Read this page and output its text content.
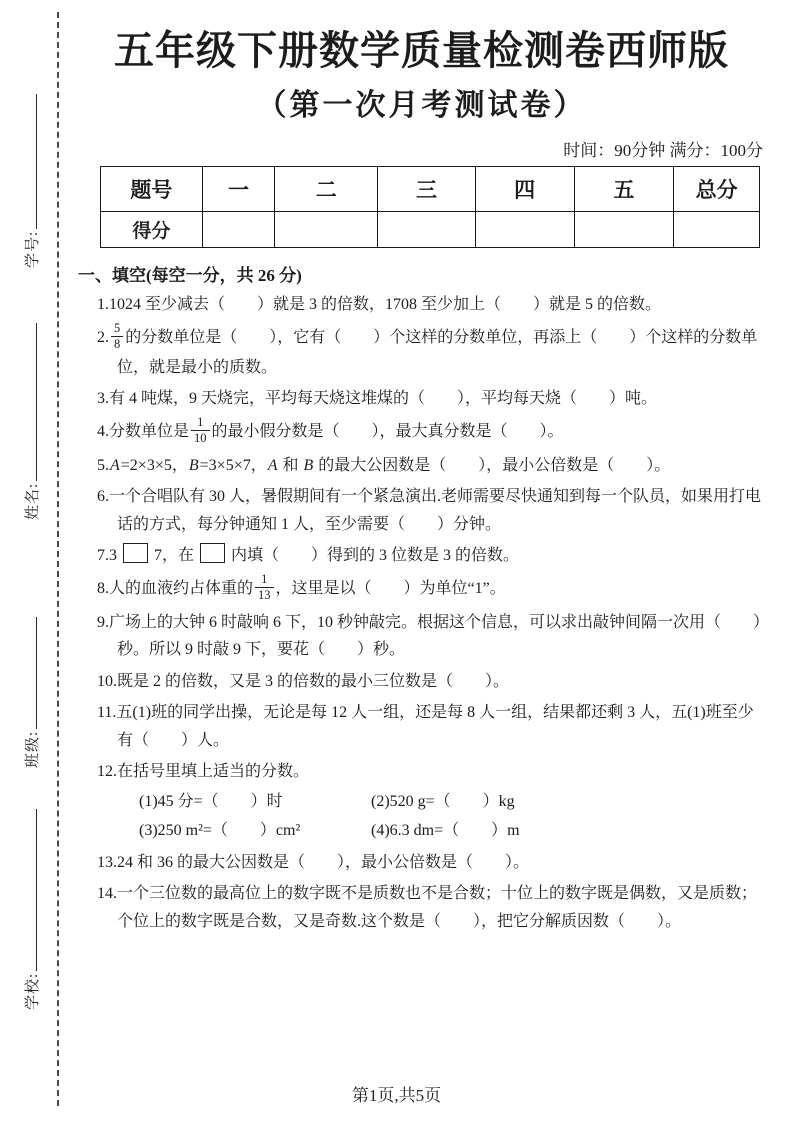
学号:
姓名:
班级:
学校:
五年级下册数学质量检测卷西师版
（第一次月考测试卷）
时间：90分钟 满分：100分
题号	一	二	三	四	五	总分
得分						
一、填空(每空一分，共 26 分)
1.1024 至少减去（　　）就是 3 的倍数，1708 至少加上（　　）就是 5 的倍数。
2. $\frac{5}{8}$ 的分数单位是（　　），它有（　　）个这样的分数单位，再添上（　　）个这样的分数单位，就是最小的质数。
3.有 4 吨煤，9 天烧完，平均每天烧这堆煤的（　　），平均每天烧（　　）吨。
4.分数单位是 $\frac{1}{10}$ 的最小假分数是（　　），最大真分数是（　　）。
5.A=2×3×5，B=3×5×7，A 和 B 的最大公因数是（　　），最小公倍数是（　　）。
6.一个合唱队有 30 人，暑假期间有一个紧急演出.老师需要尽快通知到每一个队员，如果用打电话的方式，每分钟通知 1 人，至少需要（　　）分钟。
7.3 7，在 内填（　　）得到的 3 位数是 3 的倍数。
8.人的血液约占体重的 $\frac{1}{13}$ ，这里是以（　　）为单位“1”。
9.广场上的大钟 6 时敲响 6 下，10 秒钟敲完。根据这个信息，可以求出敲钟间隔一次用（　　）秒。所以 9 时敲 9 下，要花（　　）秒。
10.既是 2 的倍数，又是 3 的倍数的最小三位数是（　　）。
11.五(1)班的同学出操，无论是每 12 人一组，还是每 8 人一组，结果都还剩 3 人，五(1)班至少有（　　）人。
12.在括号里填上适当的分数。
(1)45 分=（　　）时	(2)520 g=（　　）kg
(3)250 m²=（　　）cm²	(4)6.3 dm=（　　）m
13.24 和 36 的最大公因数是（　　），最小公倍数是（　　）。
14.一个三位数的最高位上的数字既不是质数也不是合数；十位上的数字既是偶数，又是质数；个位上的数字既是合数，又是奇数.这个数是（　　），把它分解质因数（　　）。
第1页,共5页
